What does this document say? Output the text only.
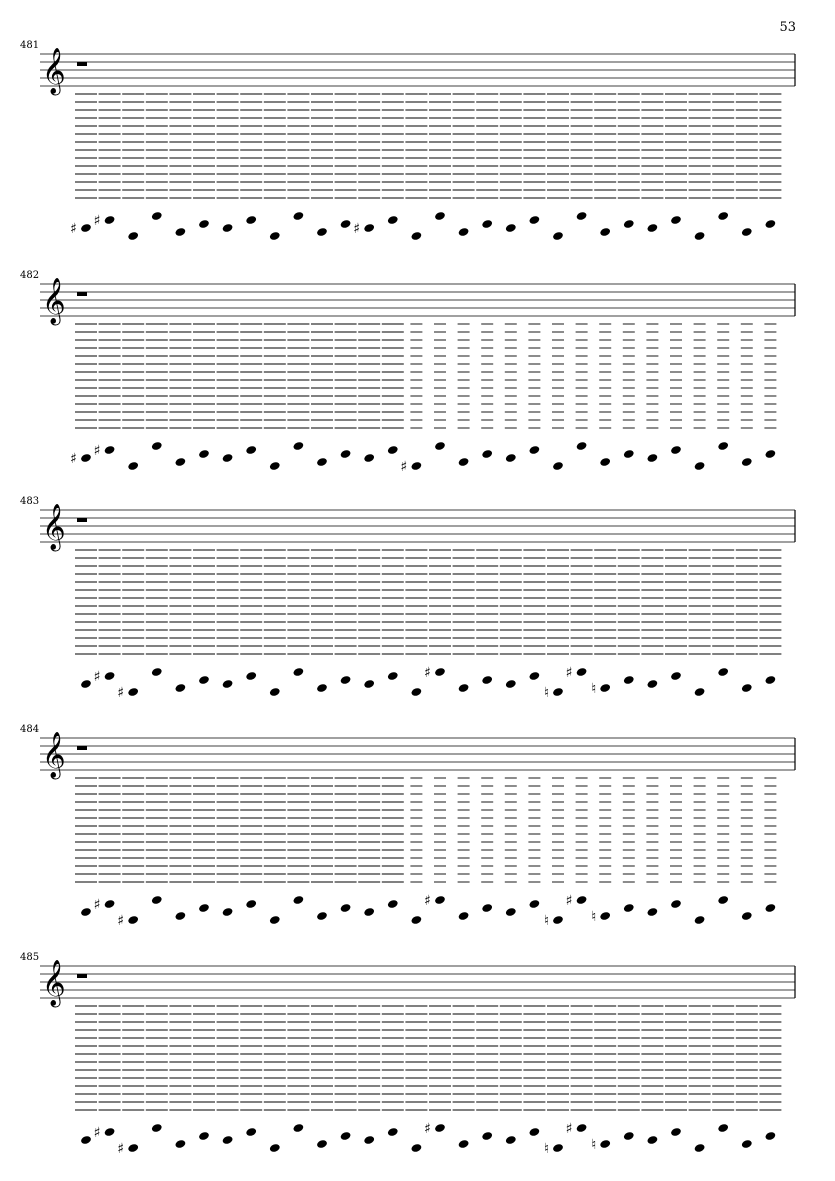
53
481
𝄞
♯ ♯	♯
482
𝄞
♯ ♯
♯
483
𝄞
♯
♯
♯
♮
♯
♮
484
𝄞
♯
♯
♯
♮
♯
♮
485
𝄞
♯
♯
♯
♮
♯
♮
